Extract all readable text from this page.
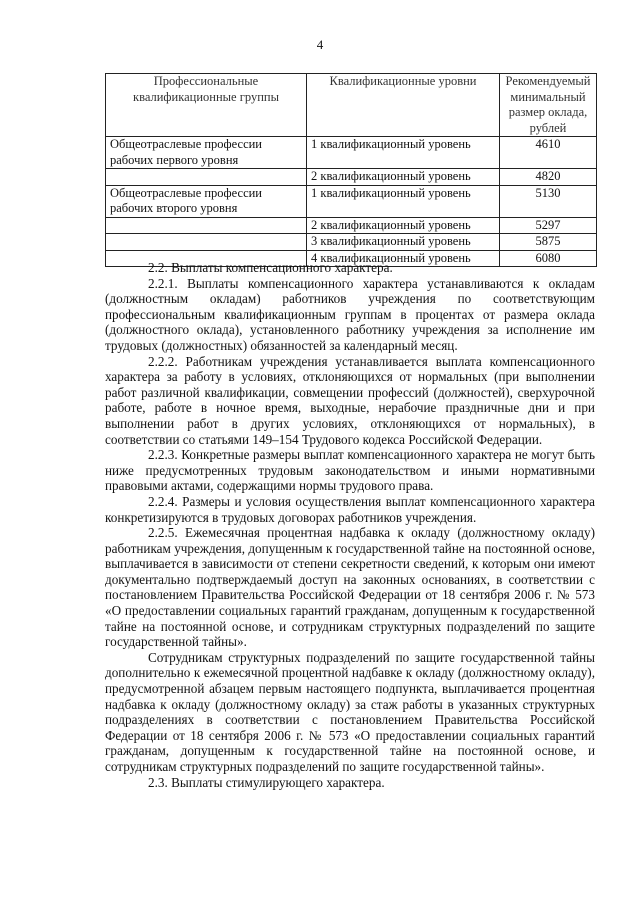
4
Профессиональные квалификационные группы	Квалификационные уровни	Рекомендуемый минимальный размер оклада, рублей
Общеотраслевые профессии рабочих первого уровня	1 квалификационный уровень	4610
	2 квалификационный уровень	4820
Общеотраслевые профессии рабочих второго уровня	1 квалификационный уровень	5130
	2 квалификационный уровень	5297
	3 квалификационный уровень	5875
	4 квалификационный уровень	6080

2.2. Выплаты компенсационного характера.

2.2.1. Выплаты компенсационного характера устанавливаются к окладам (должностным окладам) работников учреждения по соответствующим профессиональным квалификационным группам в процентах от размера оклада (должностного оклада), установленного работнику учреждения за исполнение им трудовых (должностных) обязанностей за календарный месяц.

2.2.2. Работникам учреждения устанавливается выплата компенсационного характера за работу в условиях, отклоняющихся от нормальных (при выполнении работ различной квалификации, совмещении профессий (должностей), сверхурочной работе, работе в ночное время, выходные, нерабочие праздничные дни и при выполнении работ в других условиях, отклоняющихся от нормальных), в соответствии со статьями 149–154 Трудового кодекса Российской Федерации.

2.2.3. Конкретные размеры выплат компенсационного характера не могут быть ниже предусмотренных трудовым законодательством и иными нормативными правовыми актами, содержащими нормы трудового права.

2.2.4. Размеры и условия осуществления выплат компенсационного характера конкретизируются в трудовых договорах работников учреждения.

2.2.5. Ежемесячная процентная надбавка к окладу (должностному окладу) работникам учреждения, допущенным к государственной тайне на постоянной основе, выплачивается в зависимости от степени секретности сведений, к которым они имеют документально подтверждаемый доступ на законных основаниях, в соответствии с постановлением Правительства Российской Федерации от 18 сентября 2006 г. № 573 «О предоставлении социальных гарантий гражданам, допущенным к государственной тайне на постоянной основе, и сотрудникам структурных подразделений по защите государственной тайны».

Сотрудникам структурных подразделений по защите государственной тайны дополнительно к ежемесячной процентной надбавке к окладу (должностному окладу), предусмотренной абзацем первым настоящего подпункта, выплачивается процентная надбавка к окладу (должностному окладу) за стаж работы в указанных структурных подразделениях в соответствии с постановлением Правительства Российской Федерации от 18 сентября 2006 г. № 573 «О предоставлении социальных гарантий гражданам, допущенным к государственной тайне на постоянной основе, и сотрудникам структурных подразделений по защите государственной тайны».

2.3. Выплаты стимулирующего характера.
